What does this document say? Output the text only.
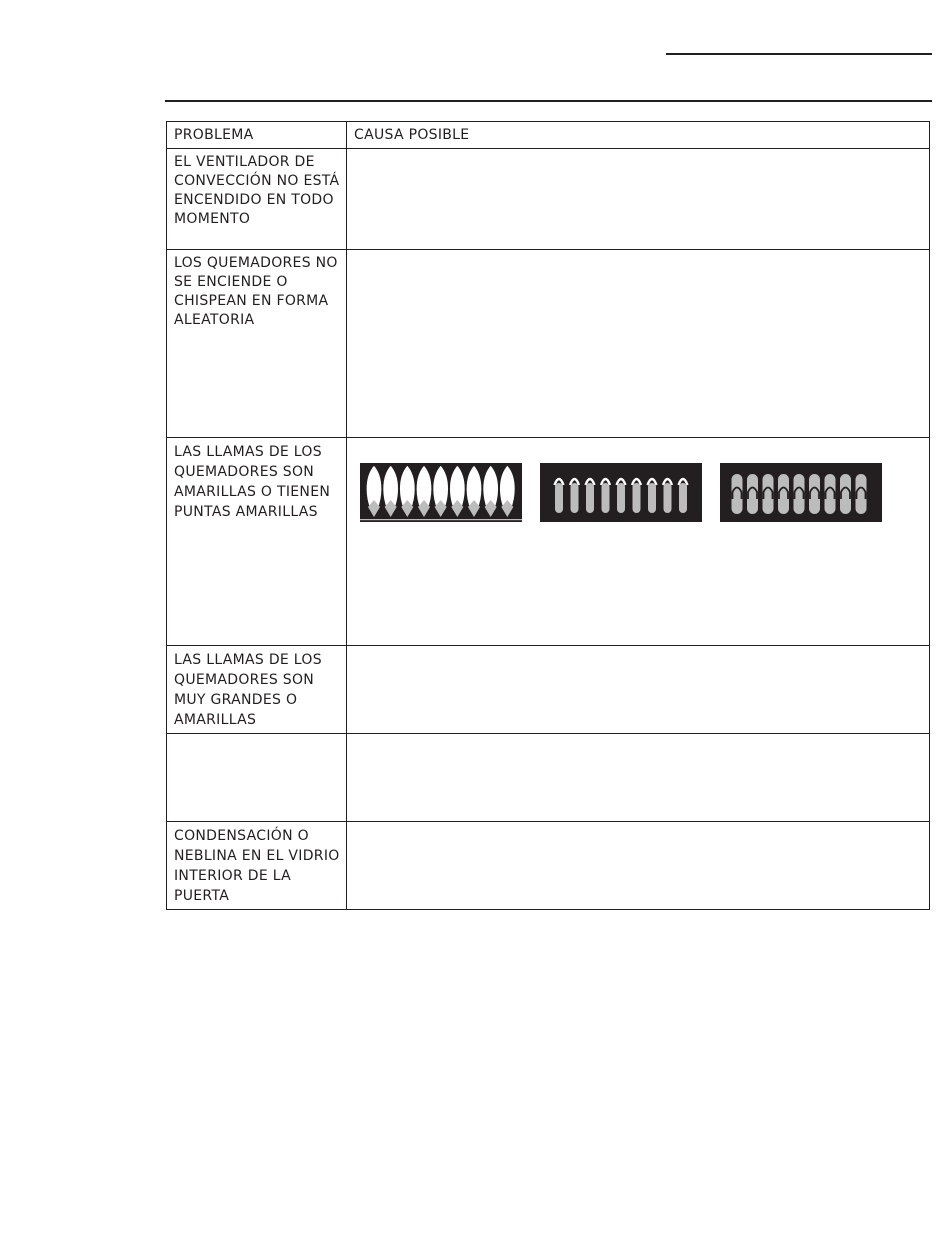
PROBLEMA	CAUSA POSIBLE

EL VENTILADOR DE CONVECCIÓN NO ESTÁ ENCENDIDO EN TODO MOMENTO	

LOS QUEMADORES NO SE ENCIENDE O CHISPEAN EN FORMA ALEATORIA	

LAS LLAMAS DE LOS QUEMADORES SON AMARILLAS O TIENEN PUNTAS AMARILLAS

LAS LLAMAS DE LOS QUEMADORES SON MUY GRANDES O AMARILLAS	

CONDENSACIÓN O NEBLINA EN EL VIDRIO INTERIOR DE LA PUERTA	
